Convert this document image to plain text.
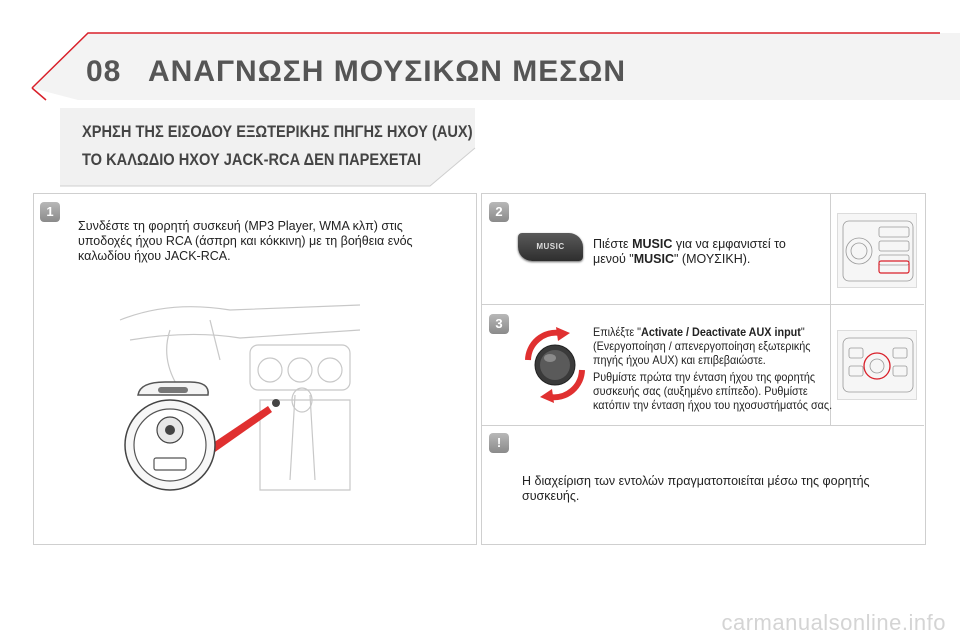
08 ΑΝΑΓΝΩΣΗ ΜΟΥΣΙΚΩΝ ΜΕΣΩΝ
ΧΡΗΣΗ ΤΗΣ ΕΙΣΟΔΟΥ ΕΞΩΤΕΡΙΚΗΣ ΠΗΓΗΣ ΗΧΟΥ (AUX)
ΤΟ ΚΑΛΩΔΙΟ ΗΧΟΥ JACK-RCA ΔΕΝ ΠΑΡΕΧΕΤΑΙ
1
Συνδέστε τη φορητή συσκευή (MP3 Player, WMA κλπ) στις
υποδοχές ήχου RCA (άσπρη και κόκκινη) με τη βοήθεια ενός
καλωδίου ήχου JACK-RCA.
2
MUSIC	Πιέστε MUSIC για να εμφανιστεί το
μενού "MUSIC" (ΜΟΥΣΙΚΗ).
3
Επιλέξτε "Activate / Deactivate AUX input"
(Ενεργοποίηση / απενεργοποίηση εξωτερικής
πηγής ήχου AUX) και επιβεβαιώστε.
Ρυθμίστε πρώτα την ένταση ήχου της φορητής
συσκευής σας (αυξημένο επίπεδο). Ρυθμίστε
κατόπιν την ένταση ήχου του ηχοσυστήματός σας.
!
Η διαχείριση των εντολών πραγματοποιείται μέσω της φορητής
συσκευής.
carmanualsonline.info
